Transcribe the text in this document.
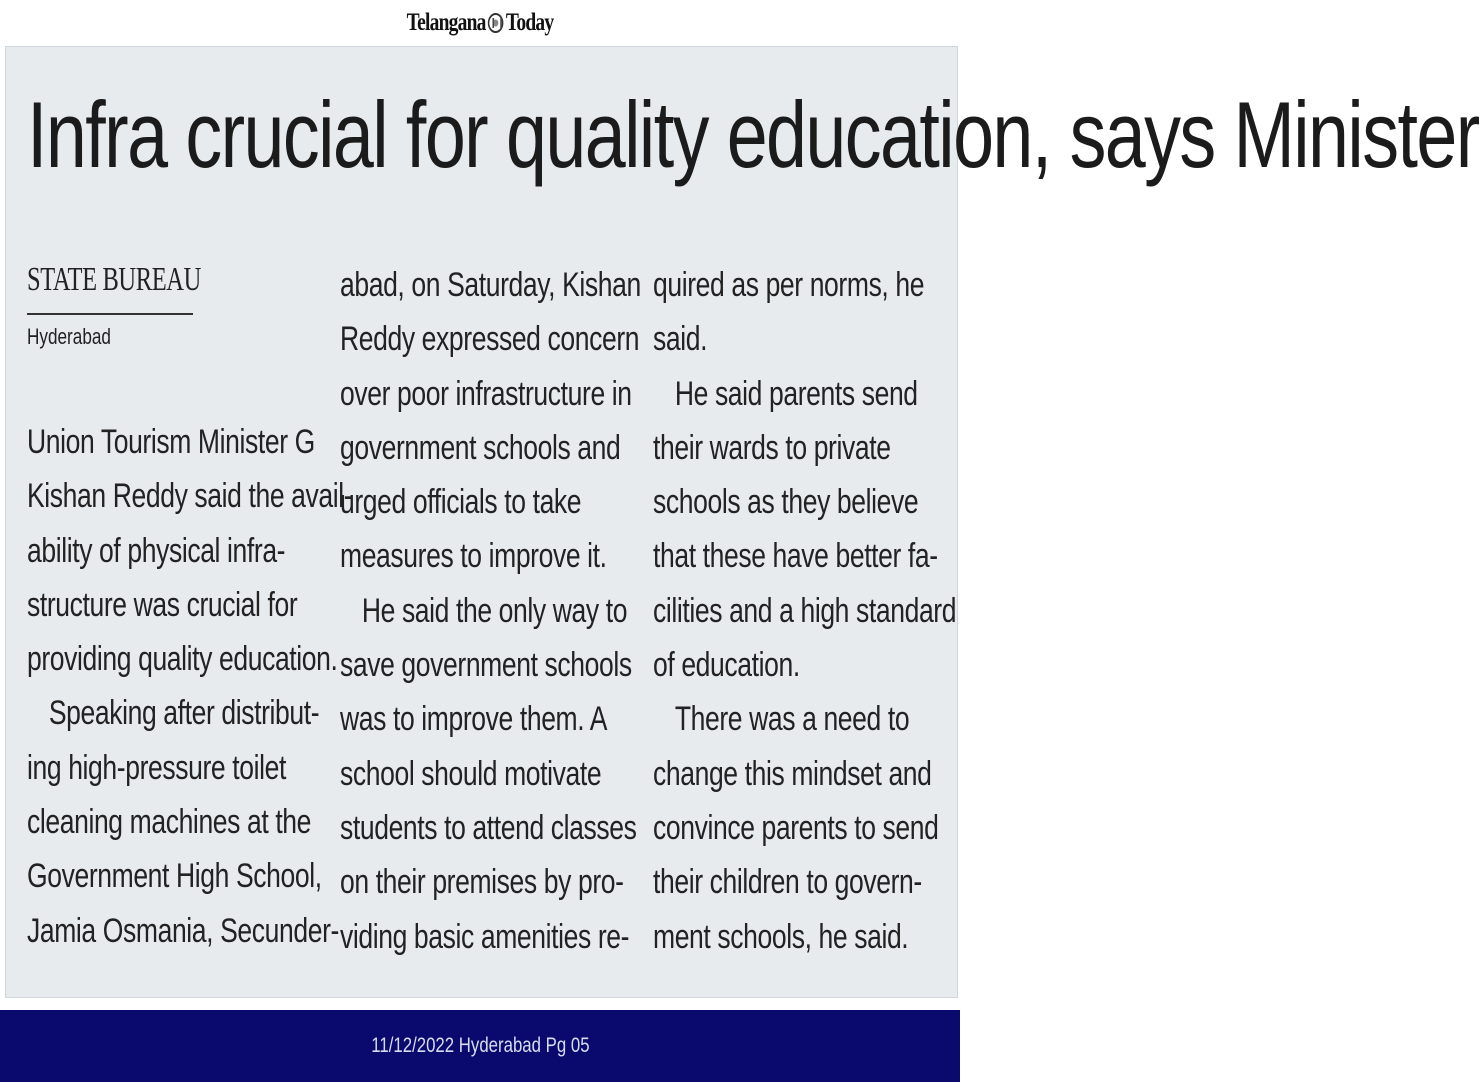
Telangana Today
Infra crucial for quality education, says Minister
STATE BUREAU
Hyderabad
Union Tourism Minister G
Kishan Reddy said the avail-
ability of physical infra-
structure was crucial for
providing quality education.
Speaking after distribut-
ing high-pressure toilet
cleaning machines at the
Government High School,
Jamia Osmania, Secunder-
abad, on Saturday, Kishan
Reddy expressed concern
over poor infrastructure in
government schools and
urged officials to take
measures to improve it.
He said the only way to
save government schools
was to improve them. A
school should motivate
students to attend classes
on their premises by pro-
viding basic amenities re-
quired as per norms, he
said.
He said parents send
their wards to private
schools as they believe
that these have better fa-
cilities and a high standard
of education.
There was a need to
change this mindset and
convince parents to send
their children to govern-
ment schools, he said.
11/12/2022 Hyderabad Pg 05
